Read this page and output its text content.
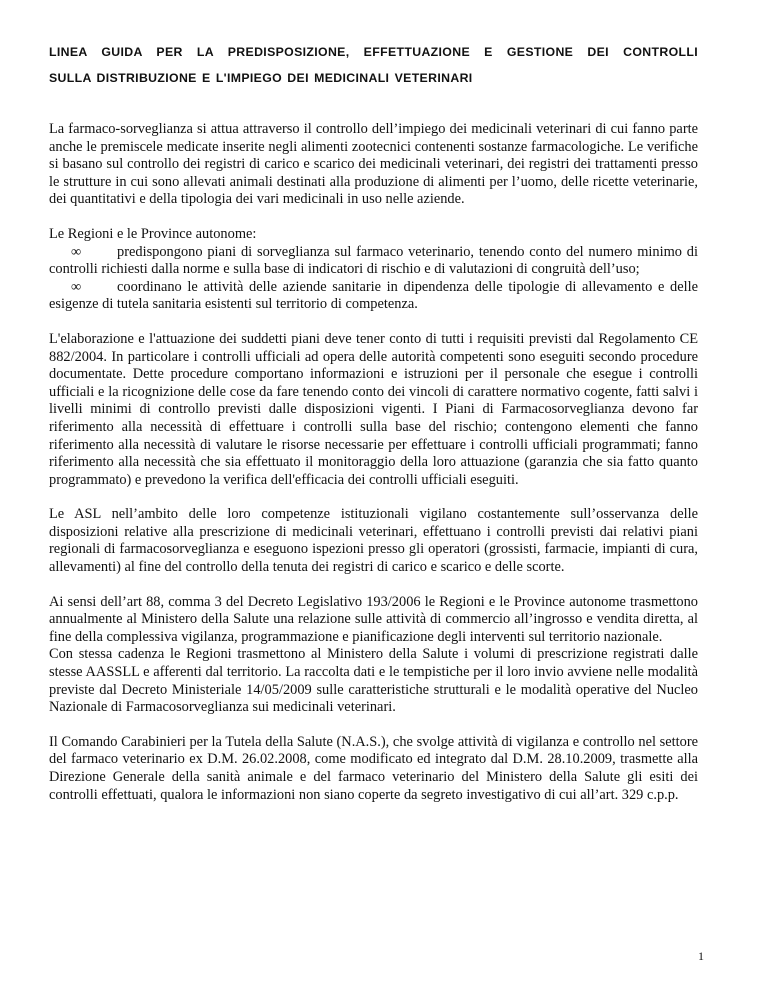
LINEA GUIDA PER LA PREDISPOSIZIONE, EFFETTUAZIONE E GESTIONE DEI CONTROLLI
SULLA DISTRIBUZIONE E L'IMPIEGO DEI MEDICINALI VETERINARI

La farmaco-sorveglianza si attua attraverso il controllo dell’impiego dei medicinali veterinari di cui fanno parte anche le premiscele medicate inserite negli alimenti zootecnici contenenti sostanze farmacologiche. Le verifiche si basano sul controllo dei registri di carico e scarico dei medicinali veterinari, dei registri dei trattamenti presso le strutture in cui sono allevati animali destinati alla produzione di alimenti per l’uomo, delle ricette veterinarie, dei quantitativi e della tipologia dei vari medicinali in uso nelle aziende.

Le Regioni e le Province autonome:

∞ predispongono piani di sorveglianza sul farmaco veterinario, tenendo conto del numero minimo di controlli richiesti dalla norme e sulla base di indicatori di rischio e di valutazioni di congruità dell’uso;

∞ coordinano le attività delle aziende sanitarie in dipendenza delle tipologie di allevamento e delle esigenze di tutela sanitaria esistenti sul territorio di competenza.

L'elaborazione e l'attuazione dei suddetti piani deve tener conto di tutti i requisiti previsti dal Regolamento CE 882/2004. In particolare i controlli ufficiali ad opera delle autorità competenti sono eseguiti secondo procedure documentate. Dette procedure comportano informazioni e istruzioni per il personale che esegue i controlli ufficiali e la ricognizione delle cose da fare tenendo conto dei vincoli di carattere normativo cogente, fatti salvi i livelli minimi di controllo previsti dalle disposizioni vigenti. I Piani di Farmacosorveglianza devono far riferimento alla necessità di effettuare i controlli sulla base del rischio; contengono elementi che fanno riferimento alla necessità di valutare le risorse necessarie per effettuare i controlli ufficiali programmati; fanno riferimento alla necessità che sia effettuato il monitoraggio della loro attuazione (garanzia che sia fatto quanto programmato) e prevedono la verifica dell'efficacia dei controlli ufficiali eseguiti.

Le ASL nell’ambito delle loro competenze istituzionali vigilano costantemente sull’osservanza delle disposizioni relative alla prescrizione di medicinali veterinari, effettuano i controlli previsti dai relativi piani regionali di farmacosorveglianza e eseguono ispezioni presso gli operatori (grossisti, farmacie, impianti di cura, allevamenti) al fine del controllo della tenuta dei registri di carico e scarico e delle scorte.

Ai sensi dell’art 88, comma 3 del Decreto Legislativo 193/2006 le Regioni e le Province autonome trasmettono annualmente al Ministero della Salute una relazione sulle attività di commercio all’ingrosso e vendita diretta, al fine della complessiva vigilanza, programmazione e pianificazione degli interventi sul territorio nazionale.

Con stessa cadenza le Regioni trasmettono al Ministero della Salute i volumi di prescrizione registrati dalle stesse AASSLL e afferenti dal territorio. La raccolta dati e le tempistiche per il loro invio avviene nelle modalità previste dal Decreto Ministeriale 14/05/2009 sulle caratteristiche strutturali e le modalità operative del Nucleo Nazionale di Farmacosorveglianza sui medicinali veterinari.

Il Comando Carabinieri per la Tutela della Salute (N.A.S.), che svolge attività di vigilanza e controllo nel settore del farmaco veterinario ex D.M. 26.02.2008, come modificato ed integrato dal D.M. 28.10.2009, trasmette alla Direzione Generale della sanità animale e del farmaco veterinario del Ministero della Salute gli esiti dei controlli effettuati, qualora le informazioni non siano coperte da segreto investigativo di cui all’art. 329 c.p.p.

1
